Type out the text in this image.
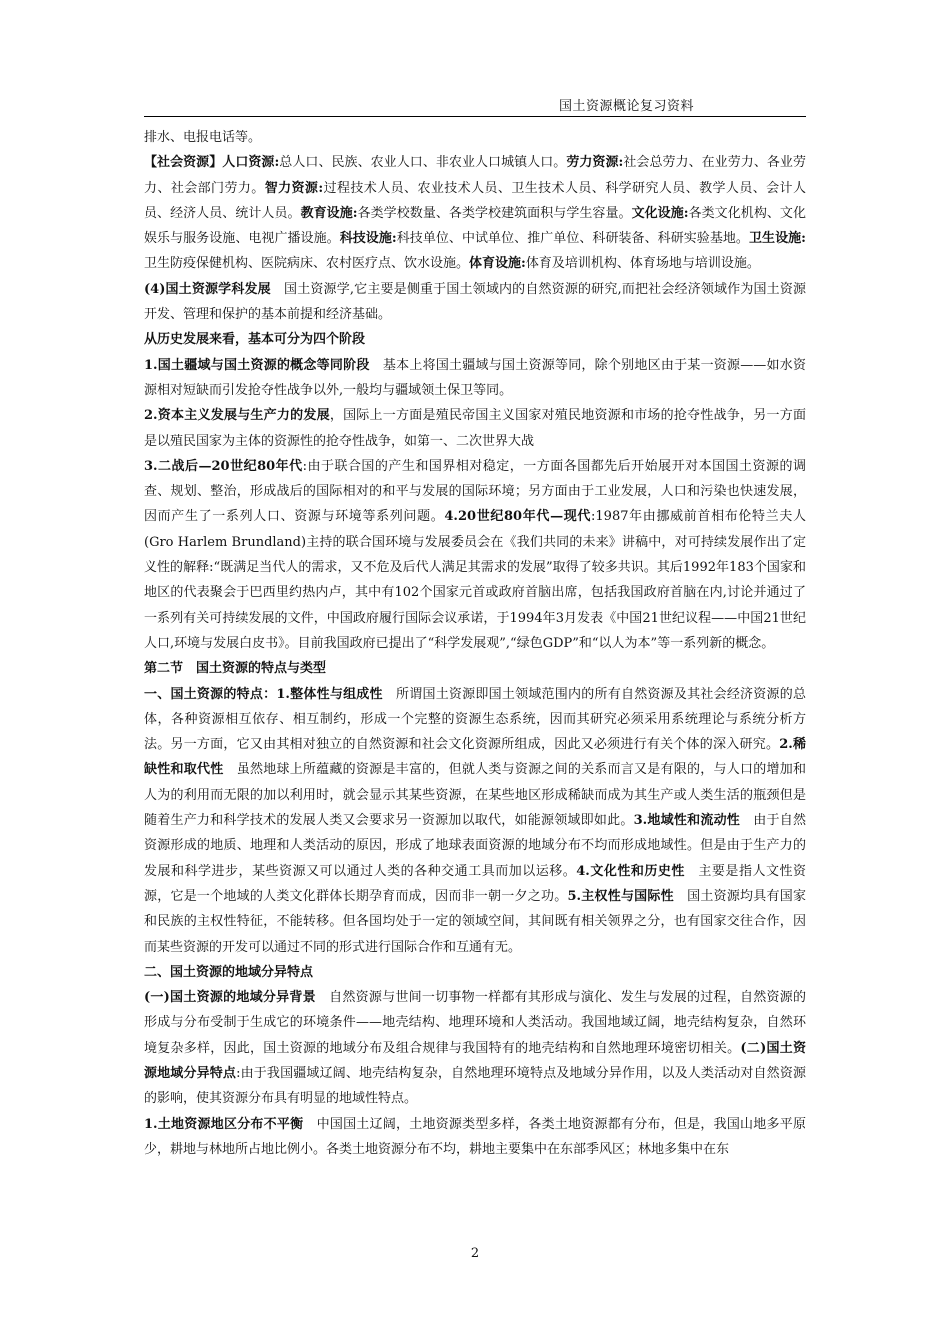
国土资源概论复习资料

排水、电报电话等。

【社会资源】人口资源:总人口、民族、农业人口、非农业人口城镇人口。劳力资源:社会总劳力、在业劳力、各业劳力、社会部门劳力。智力资源:过程技术人员、农业技术人员、卫生技术人员、科学研究人员、教学人员、会计人员、经济人员、统计人员。教育设施:各类学校数量、各类学校建筑面积与学生容量。文化设施:各类文化机构、文化娱乐与服务设施、电视广播设施。科技设施:科技单位、中试单位、推广单位、科研装备、科研实验基地。卫生设施:卫生防疫保健机构、医院病床、农村医疗点、饮水设施。体育设施:体育及培训机构、体育场地与培训设施。

(4)国土资源学科发展　国土资源学,它主要是侧重于国土领域内的自然资源的研究,而把社会经济领域作为国土资源开发、管理和保护的基本前提和经济基础。

从历史发展来看，基本可分为四个阶段

1.国土疆域与国土资源的概念等同阶段　基本上将国土疆域与国土资源等同，除个别地区由于某一资源——如水资源相对短缺而引发抢夺性战争以外,一般均与疆域领土保卫等同。

2.资本主义发展与生产力的发展，国际上一方面是殖民帝国主义国家对殖民地资源和市场的抢夺性战争，另一方面是以殖民国家为主体的资源性的抢夺性战争，如第一、二次世界大战

3.二战后—20世纪80年代:由于联合国的产生和国界相对稳定，一方面各国都先后开始展开对本国国土资源的调查、规划、整治，形成战后的国际相对的和平与发展的国际环境；另方面由于工业发展，人口和污染也快速发展，因而产生了一系列人口、资源与环境等系列问题。4.20世纪80年代—现代:1987年由挪威前首相布伦特兰夫人(Gro Harlem Brundland)主持的联合国环境与发展委员会在《我们共同的未来》讲稿中，对可持续发展作出了定义性的解释:“既满足当代人的需求，又不危及后代人满足其需求的发展”取得了较多共识。其后1992年183个国家和地区的代表聚会于巴西里约热内卢，其中有102个国家元首或政府首脑出席，包括我国政府首脑在内,讨论并通过了一系列有关可持续发展的文件，中国政府履行国际会议承诺，于1994年3月发表《中国21世纪议程——中国21世纪人口,环境与发展白皮书》。目前我国政府已提出了“科学发展观”,“绿色GDP”和“以人为本”等一系列新的概念。

第二节　国土资源的特点与类型

一、国土资源的特点：1.整体性与组成性　所谓国土资源即国土领域范围内的所有自然资源及其社会经济资源的总体，各种资源相互依存、相互制约，形成一个完整的资源生态系统，因而其研究必须采用系统理论与系统分析方法。另一方面，它又由其相对独立的自然资源和社会文化资源所组成，因此又必须进行有关个体的深入研究。2.稀缺性和取代性　虽然地球上所蕴藏的资源是丰富的，但就人类与资源之间的关系而言又是有限的，与人口的增加和人为的利用而无限的加以利用时，就会显示其某些资源，在某些地区形成稀缺而成为其生产或人类生活的瓶颈但是随着生产力和科学技术的发展人类又会要求另一资源加以取代，如能源领域即如此。3.地域性和流动性　由于自然资源形成的地质、地理和人类活动的原因，形成了地球表面资源的地域分布不均而形成地域性。但是由于生产力的发展和科学进步，某些资源又可以通过人类的各种交通工具而加以运移。4.文化性和历史性　主要是指人文性资源，它是一个地域的人类文化群体长期孕育而成，因而非一朝一夕之功。5.主权性与国际性　国土资源均具有国家和民族的主权性特征，不能转移。但各国均处于一定的领域空间，其间既有相关领界之分，也有国家交往合作，因而某些资源的开发可以通过不同的形式进行国际合作和互通有无。

二、国土资源的地域分异特点

(一)国土资源的地域分异背景　自然资源与世间一切事物一样都有其形成与演化、发生与发展的过程，自然资源的形成与分布受制于生成它的环境条件——地壳结构、地理环境和人类活动。我国地域辽阔，地壳结构复杂，自然环境复杂多样，因此，国土资源的地域分布及组合规律与我国特有的地壳结构和自然地理环境密切相关。(二)国土资源地域分异特点:由于我国疆域辽阔、地壳结构复杂，自然地理环境特点及地域分异作用，以及人类活动对自然资源的影响，使其资源分布具有明显的地域性特点。

1.土地资源地区分布不平衡　中国国土辽阔，土地资源类型多样，各类土地资源都有分布，但是，我国山地多平原少，耕地与林地所占地比例小。各类土地资源分布不均，耕地主要集中在东部季风区；林地多集中在东

2
